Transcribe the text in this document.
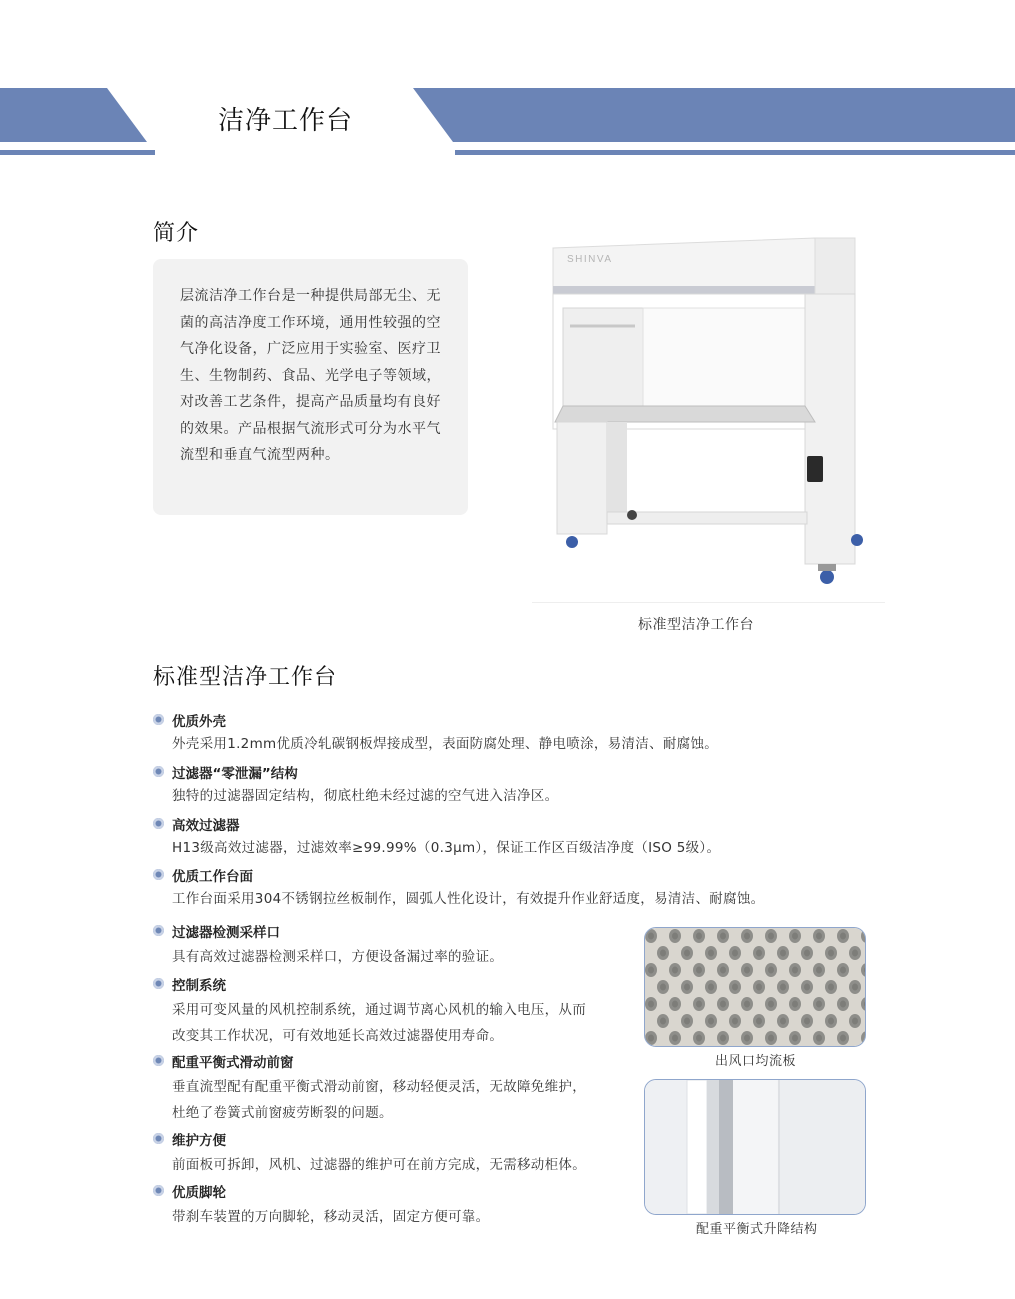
洁净工作台
简介
层流洁净工作台是一种提供局部无尘、无
菌的高洁净度工作环境，通用性较强的空
气净化设备，广泛应用于实验室、医疗卫
生、生物制药、食品、光学电子等领域，
对改善工艺条件，提高产品质量均有良好
的效果。产品根据气流形式可分为水平气
流型和垂直气流型两种。
SHINVA
标准型洁净工作台
标准型洁净工作台
优质外壳
外壳采用1.2mm优质冷轧碳钢板焊接成型，表面防腐处理、静电喷涂，易清洁、耐腐蚀。
过滤器“零泄漏”结构
独特的过滤器固定结构，彻底杜绝未经过滤的空气进入洁净区。
高效过滤器
H13级高效过滤器，过滤效率≥99.99%（0.3μm），保证工作区百级洁净度（ISO 5级）。
优质工作台面
工作台面采用304不锈钢拉丝板制作，圆弧人性化设计，有效提升作业舒适度，易清洁、耐腐蚀。
过滤器检测采样口
具有高效过滤器检测采样口，方便设备漏过率的验证。
控制系统
采用可变风量的风机控制系统，通过调节离心风机的输入电压，从而
改变其工作状况，可有效地延长高效过滤器使用寿命。
配重平衡式滑动前窗
垂直流型配有配重平衡式滑动前窗，移动轻便灵活，无故障免维护，
杜绝了卷簧式前窗疲劳断裂的问题。
维护方便
前面板可拆卸，风机、过滤器的维护可在前方完成，无需移动柜体。
优质脚轮
带刹车装置的万向脚轮，移动灵活，固定方便可靠。
出风口均流板
配重平衡式升降结构
